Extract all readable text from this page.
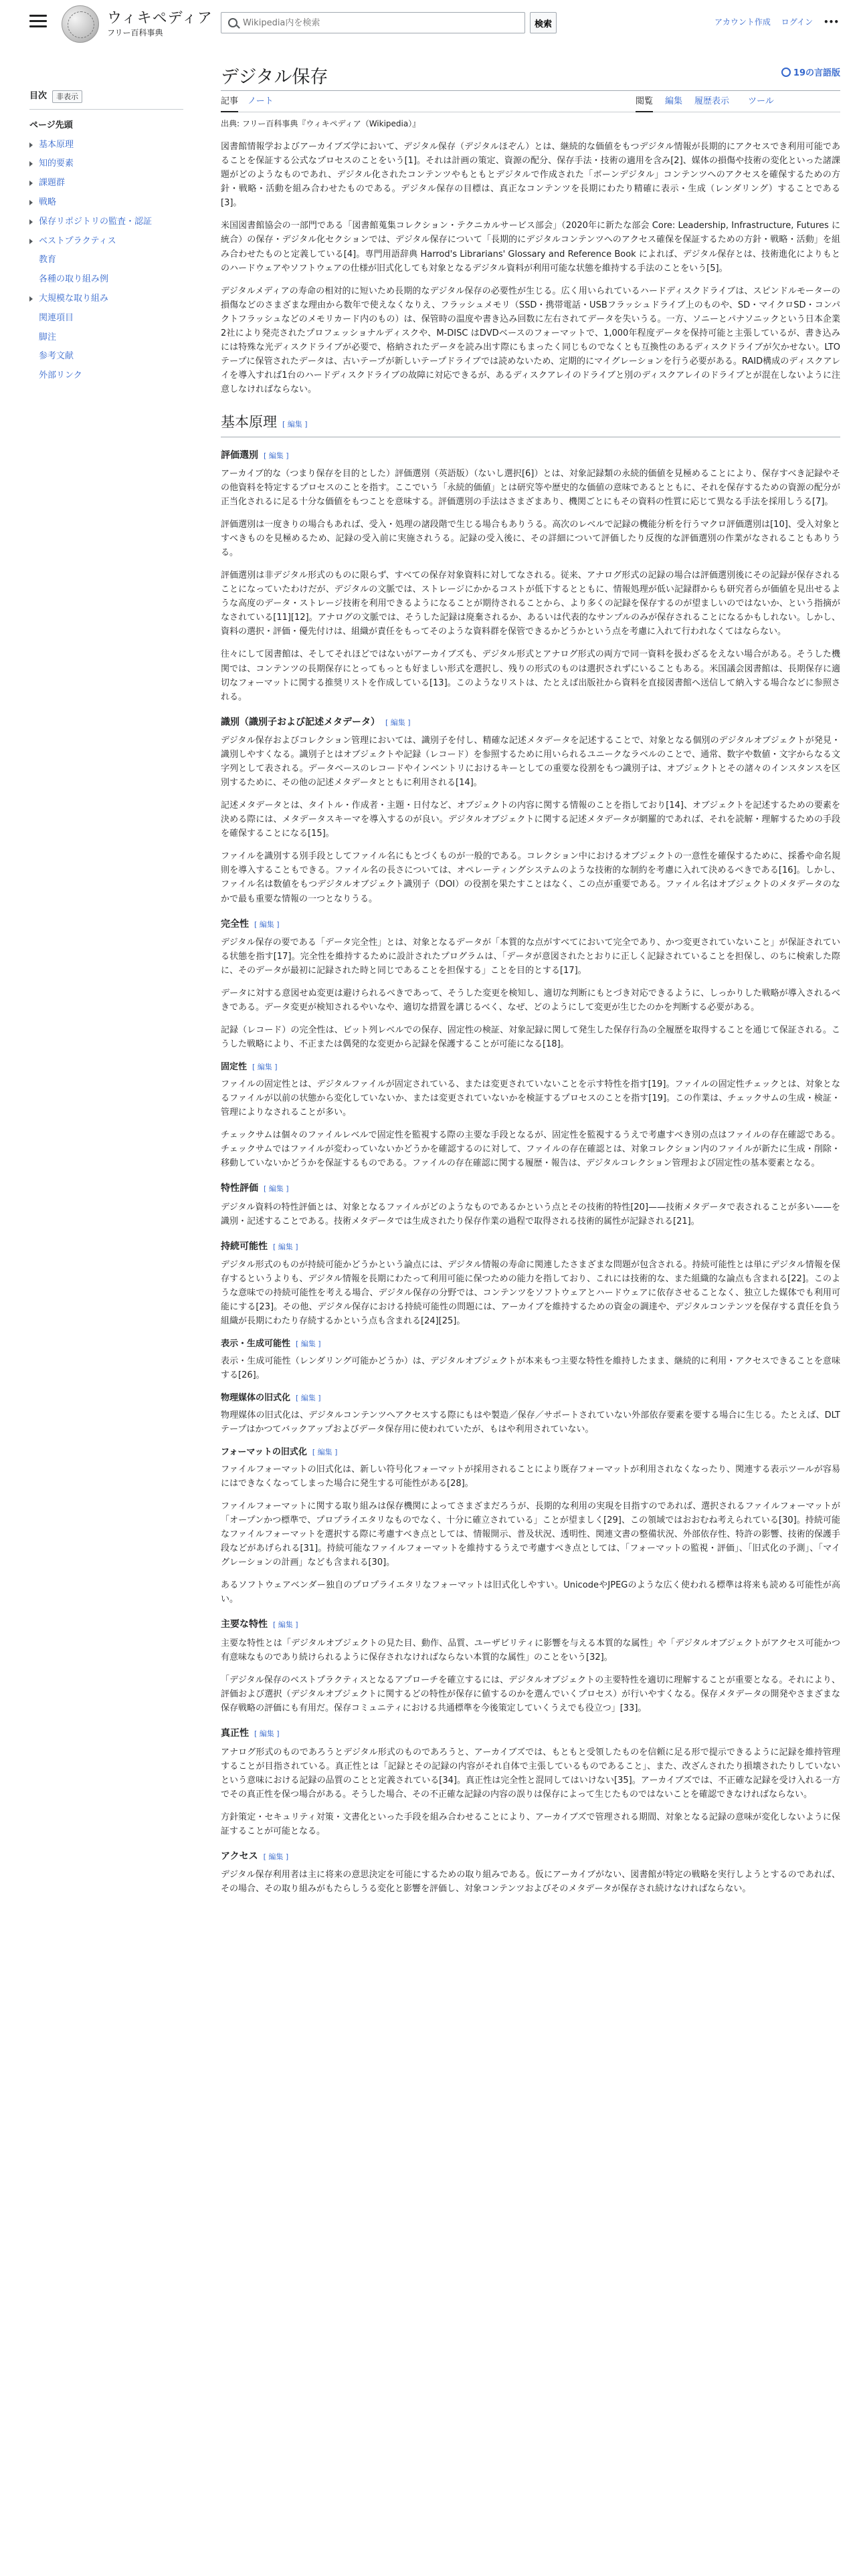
ウィキペディア
フリー百科事典
Wikipedia内を検索
検索	アカウント作成 ログイン •••
目次	非表示
ページ先頭
基本原理
知的要素
課題群
戦略
保存リポジトリの監査・認証
ベストプラクティス
教育
各種の取り組み例
大規模な取り組み
関連項目
脚注
参考文献
外部リンク
デジタル保存	19の言語版
記事 ノート	閲覧 編集 履歴表示 ツール
出典: フリー百科事典『ウィキペディア（Wikipedia）』

図書館情報学およびアーカイブズ学において、デジタル保存（デジタルほぞん）とは、継続的な価値をもつデジタル情報が長期的にアクセスでき利用可能であることを保証する公式なプロセスのことをいう[1]。それは計画の策定、資源の配分、保存手法・技術の適用を含み[2]、媒体の損傷や技術の変化といった諸課題がどのようなものであれ、デジタル化されたコンテンツやもともとデジタルで作成された「ボーンデジタル」コンテンツへのアクセスを確保するための方針・戦略・活動を組み合わせたものである。デジタル保存の目標は、真正なコンテンツを長期にわたり精確に表示・生成（レンダリング）することである[3]。

米国図書館協会の一部門である「図書館蒐集コレクション・テクニカルサービス部会」（2020年に新たな部会 Core: Leadership, Infrastructure, Futures に統合）の保存・デジタル化セクションでは、デジタル保存について「長期的にデジタルコンテンツへのアクセス確保を保証するための方針・戦略・活動」を組み合わせたものと定義している[4]。専門用語辞典 Harrod's Librarians' Glossary and Reference Book によれば、デジタル保存とは、技術進化によりもとのハードウェアやソフトウェアの仕様が旧式化しても対象となるデジタル資料が利用可能な状態を維持する手法のことをいう[5]。

デジタルメディアの寿命の相対的に短いため長期的なデジタル保存の必要性が生じる。広く用いられているハードディスクドライブは、スピンドルモーターの損傷などのさまざまな理由から数年で使えなくなりえ、フラッシュメモリ（SSD・携帯電話・USBフラッシュドライブ上のものや、SD・マイクロSD・コンパクトフラッシュなどのメモリカード内のもの）は、保管時の温度や書き込み回数に左右されてデータを失いうる。一方、ソニーとパナソニックという日本企業2社により発売されたプロフェッショナルディスクや、M-DISC はDVDベースのフォーマットで、1,000年程度データを保持可能と主張しているが、書き込みには特殊な光ディスクドライブが必要で、格納されたデータを読み出す際にもまったく同じものでなくとも互換性のあるディスクドライブが欠かせない。LTOテープに保管されたデータは、古いテープが新しいテープドライブでは読めないため、定期的にマイグレーションを行う必要がある。RAID構成のディスクアレイを導入すれば1台のハードディスクドライブの故障に対応できるが、あるディスクアレイのドライブと別のディスクアレイのドライブとが混在しないように注意しなければならない。

基本原理 [ 編集 ]
評価選別 [ 編集 ]

アーカイブ的な（つまり保存を目的とした）評価選別（英語版）（ないし選択[6]）とは、対象記録類の永続的価値を見極めることにより、保存すべき記録やその他資料を特定するプロセスのことを指す。ここでいう「永続的価値」とは研究等や歴史的な価値の意味であるとともに、それを保存するための資源の配分が正当化されるに足る十分な価値をもつことを意味する。評価選別の手法はさまざまあり、機関ごとにもその資料の性質に応じて異なる手法を採用しうる[7]。

評価選別は一度きりの場合もあれば、受入・処理の諸段階で生じる場合もありうる。高次のレベルで記録の機能分析を行うマクロ評価選別は[10]、受入対象とすべきものを見極めるため、記録の受入前に実施されうる。記録の受入後に、その詳細について評価したり反復的な評価選別の作業がなされることもありうる。

評価選別は非デジタル形式のものに限らず、すべての保存対象資料に対してなされる。従来、アナログ形式の記録の場合は評価選別後にその記録が保存されることになっていたわけだが、デジタルの文脈では、ストレージにかかるコストが低下するとともに、情報処理が低い記録群からも研究者らが価値を見出せるような高度のデータ・ストレージ技術を利用できるようになることが期待されることから、より多くの記録を保存するのが望ましいのではないか、という指摘がなされている[11][12]。アナログの文脈では、そうした記録は廃棄されるか、あるいは代表的なサンプルのみが保存されることになるかもしれない。しかし、資料の選択・評価・優先付けは、組織が責任をもってそのような資料群を保管できるかどうかという点を考慮に入れて行われなくてはならない。

往々にして図書館は、そしてそれほどではないがアーカイブズも、デジタル形式とアナログ形式の両方で同一資料を扱わざるをえない場合がある。そうした機関では、コンテンツの長期保存にとってもっとも好ましい形式を選択し、残りの形式のものは選択されずにいることもある。米国議会図書館は、長期保存に適切なフォーマットに関する推奨リストを作成している[13]。このようなリストは、たとえば出版社から資料を直接図書館へ送信して納入する場合などに参照される。

識別（識別子および記述メタデータ） [ 編集 ]

デジタル保存およびコレクション管理においては、識別子を付し、精確な記述メタデータを記述することで、対象となる個別のデジタルオブジェクトが発見・識別しやすくなる。識別子とはオブジェクトや記録（レコード）を参照するために用いられるユニークなラベルのことで、通常、数字や数値・文字からなる文字列として表される。データベースのレコードやインベントリにおけるキーとしての重要な役割をもつ識別子は、オブジェクトとその諸々のインスタンスを区別するために、その他の記述メタデータとともに利用される[14]。

記述メタデータとは、タイトル・作成者・主題・日付など、オブジェクトの内容に関する情報のことを指しており[14]、オブジェクトを記述するための要素を決める際には、メタデータスキーマを導入するのが良い。デジタルオブジェクトに関する記述メタデータが網羅的であれば、それを読解・理解するための手段を確保することになる[15]。

ファイルを識別する別手段としてファイル名にもとづくものが一般的である。コレクション中におけるオブジェクトの一意性を確保するために、採番や命名規則を導入することもできる。ファイル名の長さについては、オペレーティングシステムのような技術的な制約を考慮に入れて決めるべきである[16]。しかし、ファイル名は数値をもつデジタルオブジェクト識別子（DOI）の役割を果たすことはなく、この点が重要である。ファイル名はオブジェクトのメタデータのなかで最も重要な情報の一つとなりうる。

完全性 [ 編集 ]

デジタル保存の要である「データ完全性」とは、対象となるデータが「本質的な点がすべてにおいて完全であり、かつ変更されていないこと」が保証されている状態を指す[17]。完全性を維持するために設計されたプログラムは、「データが意図されたとおりに正しく記録されていることを担保し、のちに検索した際に、そのデータが最初に記録された時と同じであることを担保する」ことを目的とする[17]。

データに対する意図せぬ変更は避けられるべきであって、そうした変更を検知し、適切な判断にもとづき対応できるように、しっかりした戦略が導入されるべきである。データ変更が検知されるやいなや、適切な措置を講じるべく、なぜ、どのようにして変更が生じたのかを判断する必要がある。

記録（レコード）の完全性は、ビット列レベルでの保存、固定性の検証、対象記録に関して発生した保存行為の全履歴を取得することを通じて保証される。こうした戦略により、不正または偶発的な変更から記録を保護することが可能になる[18]。

固定性 [ 編集 ]

ファイルの固定性とは、デジタルファイルが固定されている、または変更されていないことを示す特性を指す[19]。ファイルの固定性チェックとは、対象となるファイルが以前の状態から変化していないか、または変更されていないかを検証するプロセスのことを指す[19]。この作業は、チェックサムの生成・検証・管理によりなされることが多い。

チェックサムは個々のファイルレベルで固定性を監視する際の主要な手段となるが、固定性を監視するうえで考慮すべき別の点はファイルの存在確認である。チェックサムではファイルが変わっていないかどうかを確認するのに対して、ファイルの存在確認とは、対象コレクション内のファイルが新たに生成・削除・移動していないかどうかを保証するものである。ファイルの存在確認に関する履歴・報告は、デジタルコレクション管理および固定性の基本要素となる。

特性評価 [ 編集 ]

デジタル資料の特性評価とは、対象となるファイルがどのようなものであるかという点とその技術的特性[20]——技術メタデータで表されることが多い——を識別・記述することである。技術メタデータでは生成されたり保存作業の過程で取得される技術的属性が記録される[21]。

持続可能性 [ 編集 ]

デジタル形式のものが持続可能かどうかという論点には、デジタル情報の寿命に関連したさまざまな問題が包含される。持続可能性とは単にデジタル情報を保存するというよりも、デジタル情報を長期にわたって利用可能に保つための能力を指しており、これには技術的な、また組織的な論点も含まれる[22]。このような意味での持続可能性を考える場合、デジタル保存の分野では、コンテンツをソフトウェアとハードウェアに依存させることなく、独立した媒体でも利用可能にする[23]。その他、デジタル保存における持続可能性の問題には、アーカイブを維持するための資金の調達や、デジタルコンテンツを保存する責任を負う組織が長期にわたり存続するかという点も含まれる[24][25]。

表示・生成可能性 [ 編集 ]

表示・生成可能性（レンダリング可能かどうか）は、デジタルオブジェクトが本来もつ主要な特性を維持したまま、継続的に利用・アクセスできることを意味する[26]。

物理媒体の旧式化 [ 編集 ]

物理媒体の旧式化は、デジタルコンテンツへアクセスする際にもはや製造／保存／サポートされていない外部依存要素を要する場合に生じる。たとえば、DLTテープはかつてバックアップおよびデータ保存用に使われていたが、もはや利用されていない。

フォーマットの旧式化 [ 編集 ]

ファイルフォーマットの旧式化は、新しい符号化フォーマットが採用されることにより既存フォーマットが利用されなくなったり、関連する表示ツールが容易にはできなくなってしまった場合に発生する可能性がある[28]。

ファイルフォーマットに関する取り組みは保存機関によってさまざまだろうが、長期的な利用の実現を目指すのであれば、選択されるファイルフォーマットが「オープンかつ標準で、プロプライエタリなものでなく、十分に確立されている」ことが望ましく[29]、この領域ではおおむね考えられている[30]。持続可能なファイルフォーマットを選択する際に考慮すべき点としては、情報開示、普及状況、透明性、関連文書の整備状況、外部依存性、特許の影響、技術的保護手段などがあげられる[31]。持続可能なファイルフォーマットを維持するうえで考慮すべき点としては、「フォーマットの監視・評価」、「旧式化の予測」、「マイグレーションの計画」なども含まれる[30]。

あるソフトウェアベンダー独自のプロプライエタリなフォーマットは旧式化しやすい。UnicodeやJPEGのような広く使われる標準は将来も読める可能性が高い。

主要な特性 [ 編集 ]

主要な特性とは「デジタルオブジェクトの見た目、動作、品質、ユーザビリティに影響を与える本質的な属性」や「デジタルオブジェクトがアクセス可能かつ有意味なものであり続けられるように保存されなければならない本質的な属性」のことをいう[32]。

「デジタル保存のベストプラクティスとなるアプローチを確立するには、デジタルオブジェクトの主要特性を適切に理解することが重要となる。それにより、評価および選択（デジタルオブジェクトに関するどの特性が保存に値するのかを選んでいくプロセス）が行いやすくなる。保存メタデータの開発やさまざまな保存戦略の評価にも有用だ。保存コミュニティにおける共通標準を今後策定していくうえでも役立つ」[33]。

真正性 [ 編集 ]

アナログ形式のものであろうとデジタル形式のものであろうと、アーカイブズでは、もともと受領したものを信頼に足る形で提示できるように記録を維持管理することが目指されている。真正性とは「記録とその記録の内容がそれ自体で主張しているものであること」、また、改ざんされたり損壊されたりしていないという意味における記録の品質のことと定義されている[34]。真正性は完全性と混同してはいけない[35]。アーカイブズでは、不正確な記録を受け入れる一方でその真正性を保つ場合がある。そうした場合、その不正確な記録の内容の誤りは保存によって生じたものではないことを確認できなければならない。

方針策定・セキュリティ対策・文書化といった手段を組み合わせることにより、アーカイブズで管理される期間、対象となる記録の意味が変化しないように保証することが可能となる。

アクセス [ 編集 ]

デジタル保存利用者は主に将来の意思決定を可能にするための取り組みである。仮にアーカイブがない、図書館が特定の戦略を実行しようとするのであれば、その場合、その取り組みがもたらしうる変化と影響を評価し、対象コンテンツおよびそのメタデータが保存され続けなければならない。
